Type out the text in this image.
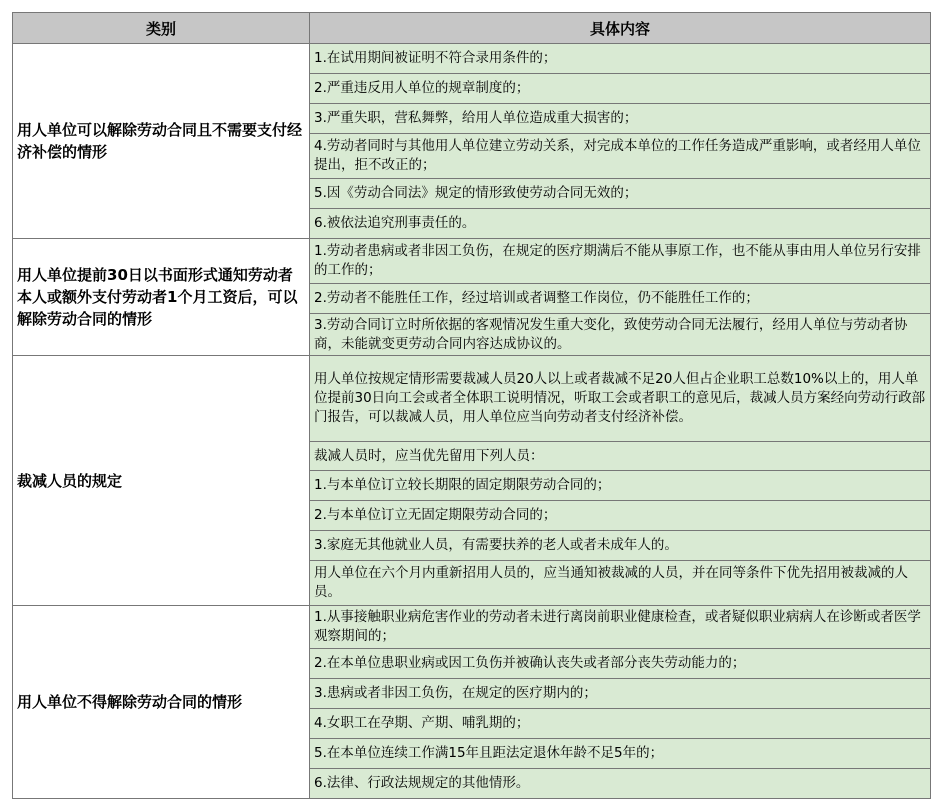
类别	具体内容
用人单位可以解除劳动合同且不需要支付经济补偿的情形	1.在试用期间被证明不符合录用条件的；
	2.严重违反用人单位的规章制度的；
	3.严重失职，营私舞弊，给用人单位造成重大损害的；
	4.劳动者同时与其他用人单位建立劳动关系，对完成本单位的工作任务造成严重影响，或者经用人单位提出，拒不改正的；
	5.因《劳动合同法》规定的情形致使劳动合同无效的；
	6.被依法追究刑事责任的。
用人单位提前30日以书面形式通知劳动者本人或额外支付劳动者1个月工资后，可以解除劳动合同的情形	1.劳动者患病或者非因工负伤，在规定的医疗期满后不能从事原工作，也不能从事由用人单位另行安排的工作的；
	2.劳动者不能胜任工作，经过培训或者调整工作岗位，仍不能胜任工作的；
	3.劳动合同订立时所依据的客观情况发生重大变化，致使劳动合同无法履行，经用人单位与劳动者协商，未能就变更劳动合同内容达成协议的。
裁减人员的规定	用人单位按规定情形需要裁减人员20人以上或者裁减不足20人但占企业职工总数10%以上的，用人单位提前30日向工会或者全体职工说明情况，听取工会或者职工的意见后，裁减人员方案经向劳动行政部门报告，可以裁减人员，用人单位应当向劳动者支付经济补偿。
	裁减人员时，应当优先留用下列人员：
	1.与本单位订立较长期限的固定期限劳动合同的；
	2.与本单位订立无固定期限劳动合同的；
	3.家庭无其他就业人员，有需要扶养的老人或者未成年人的。
	用人单位在六个月内重新招用人员的，应当通知被裁减的人员，并在同等条件下优先招用被裁减的人员。
用人单位不得解除劳动合同的情形	1.从事接触职业病危害作业的劳动者未进行离岗前职业健康检查，或者疑似职业病病人在诊断或者医学观察期间的；
	2.在本单位患职业病或因工负伤并被确认丧失或者部分丧失劳动能力的；
	3.患病或者非因工负伤，在规定的医疗期内的；
	4.女职工在孕期、产期、哺乳期的；
	5.在本单位连续工作满15年且距法定退休年龄不足5年的；
	6.法律、行政法规规定的其他情形。
